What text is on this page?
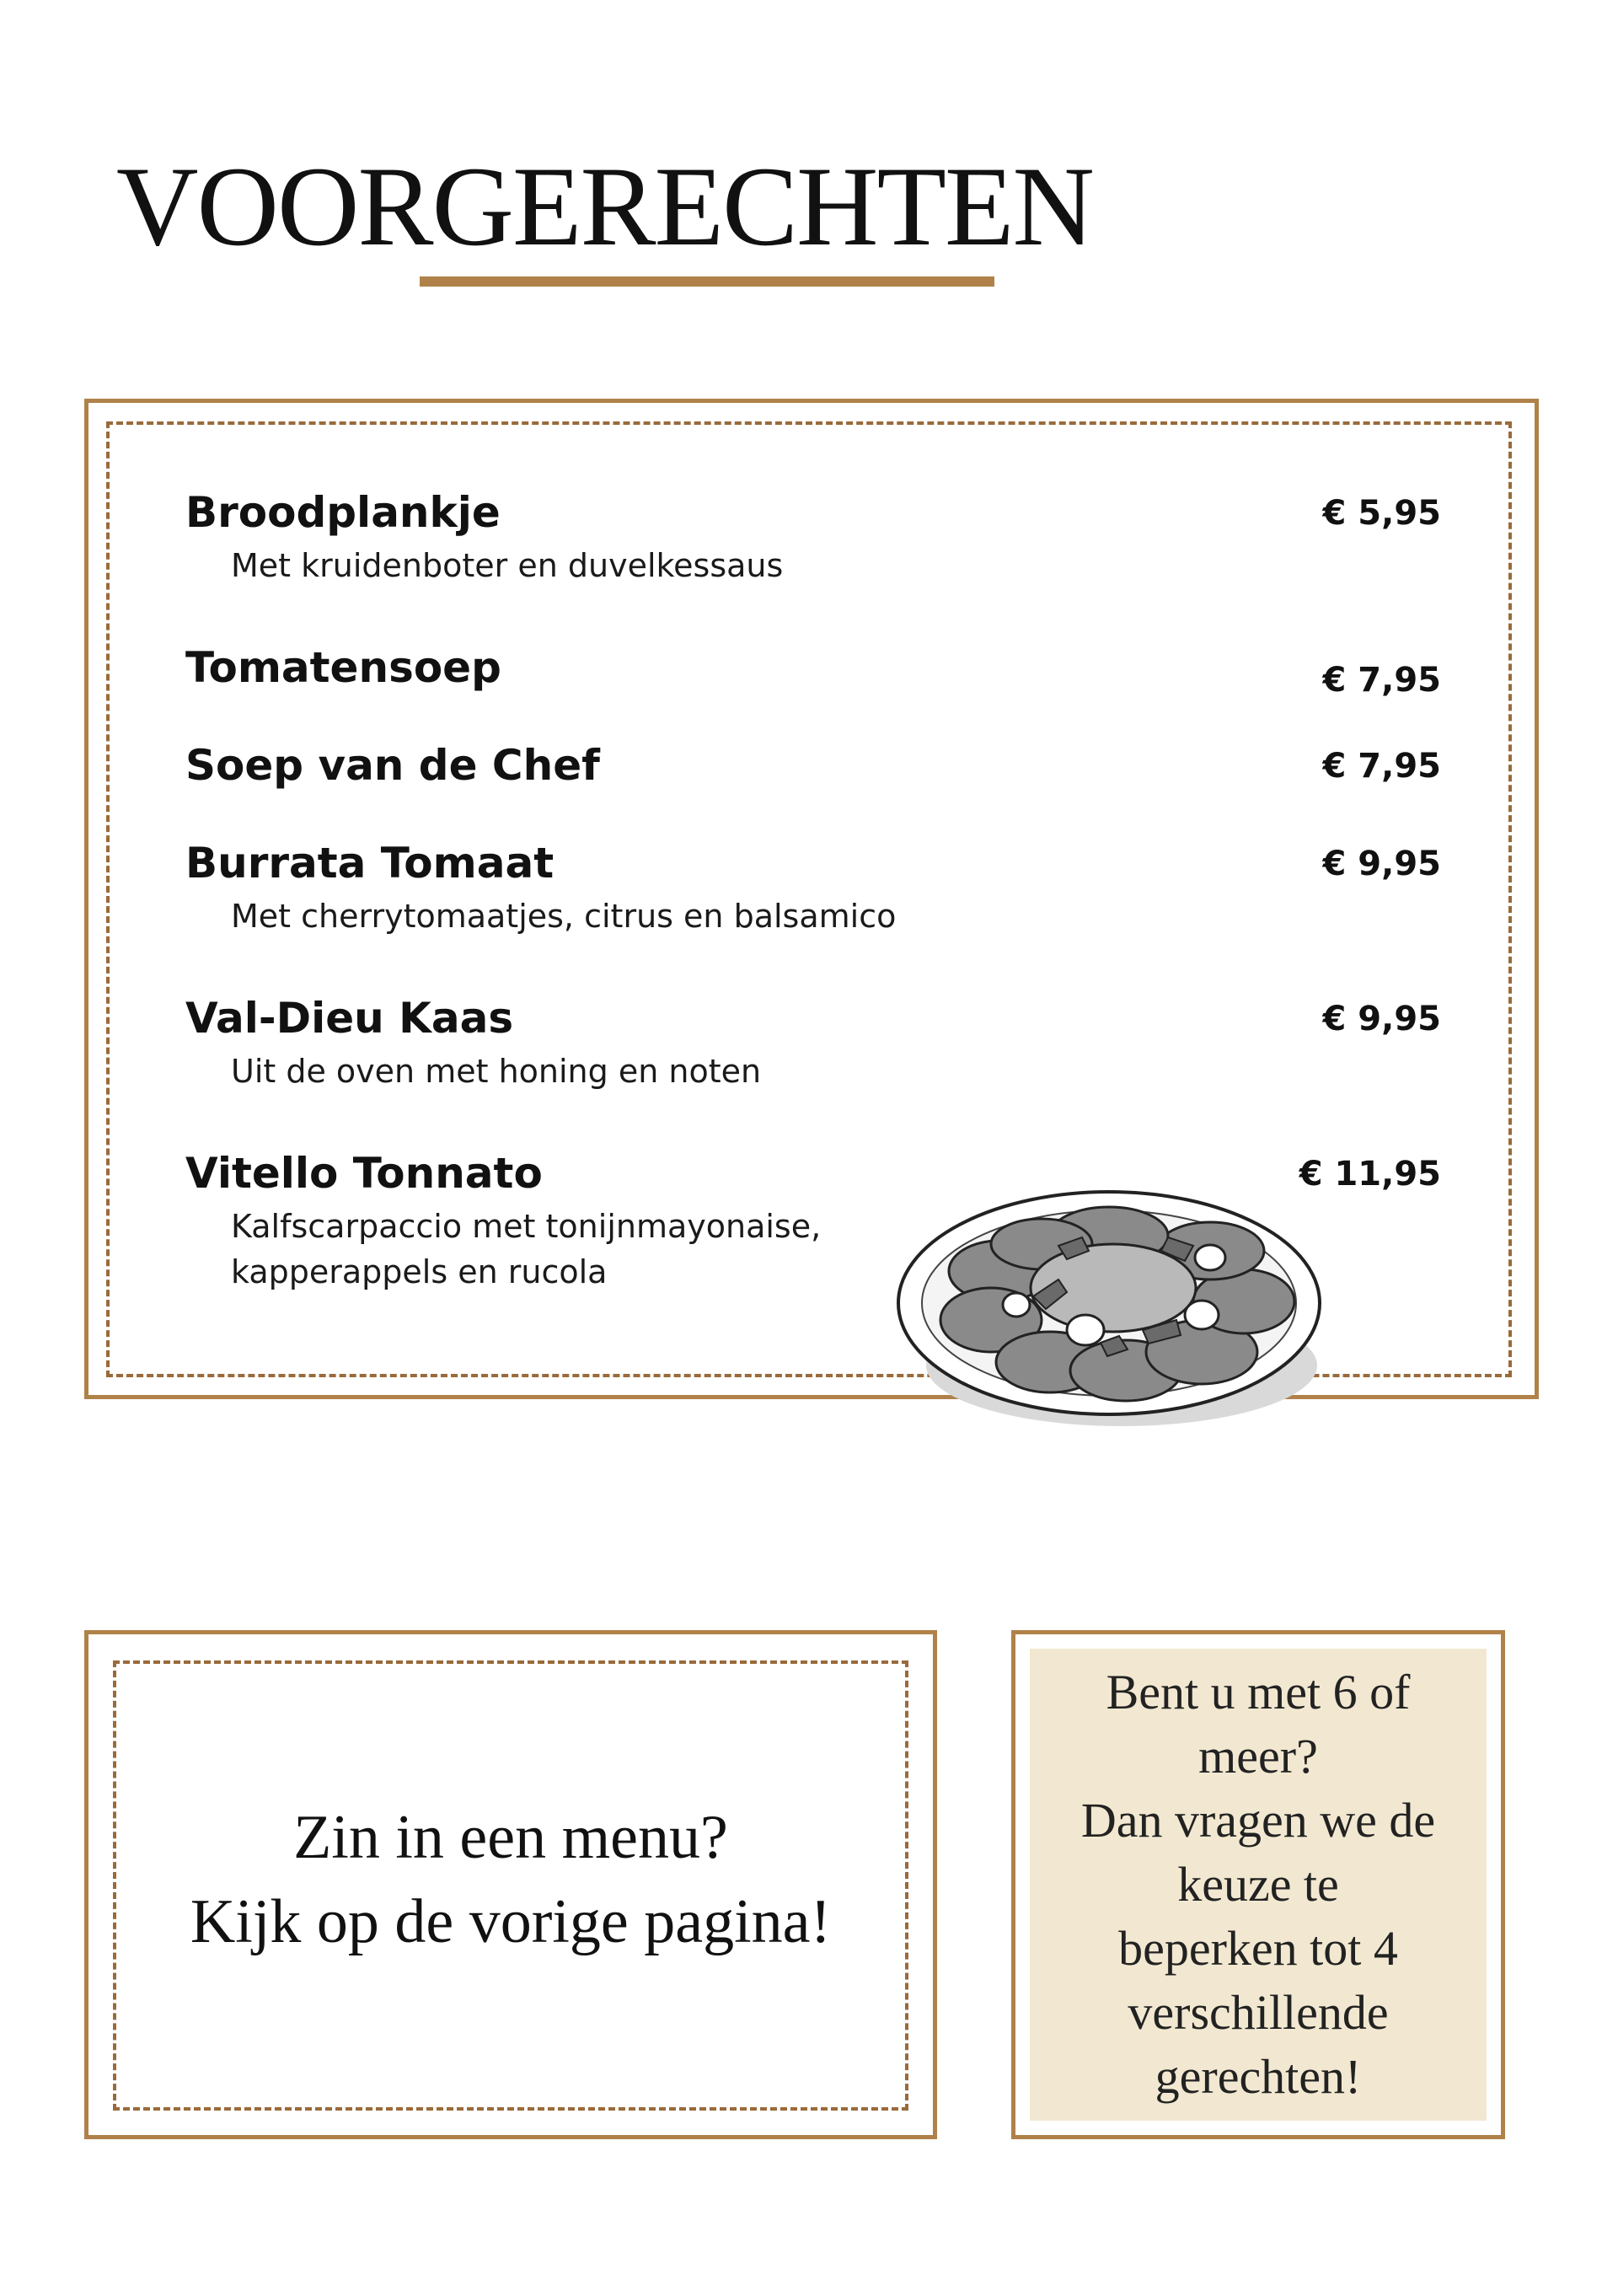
VOORGERECHTEN
Broodplankje
Met kruidenboter en duvelkessaus
€ 5,95
Tomatensoep	€ 7,95
Soep van de Chef	€ 7,95
Burrata Tomaat
Met cherrytomaatjes, citrus en balsamico
€ 9,95
Val-Dieu Kaas
Uit de oven met honing en noten
€ 9,95
Vitello Tonnato
Kalfscarpaccio met tonijnmayonaise,
kapperappels en rucola
€ 11,95
Zin in een menu?
Kijk op de vorige pagina!
Bent u met 6 of
meer?
Dan vragen we de
keuze te
beperken tot 4
verschillende
gerechten!
